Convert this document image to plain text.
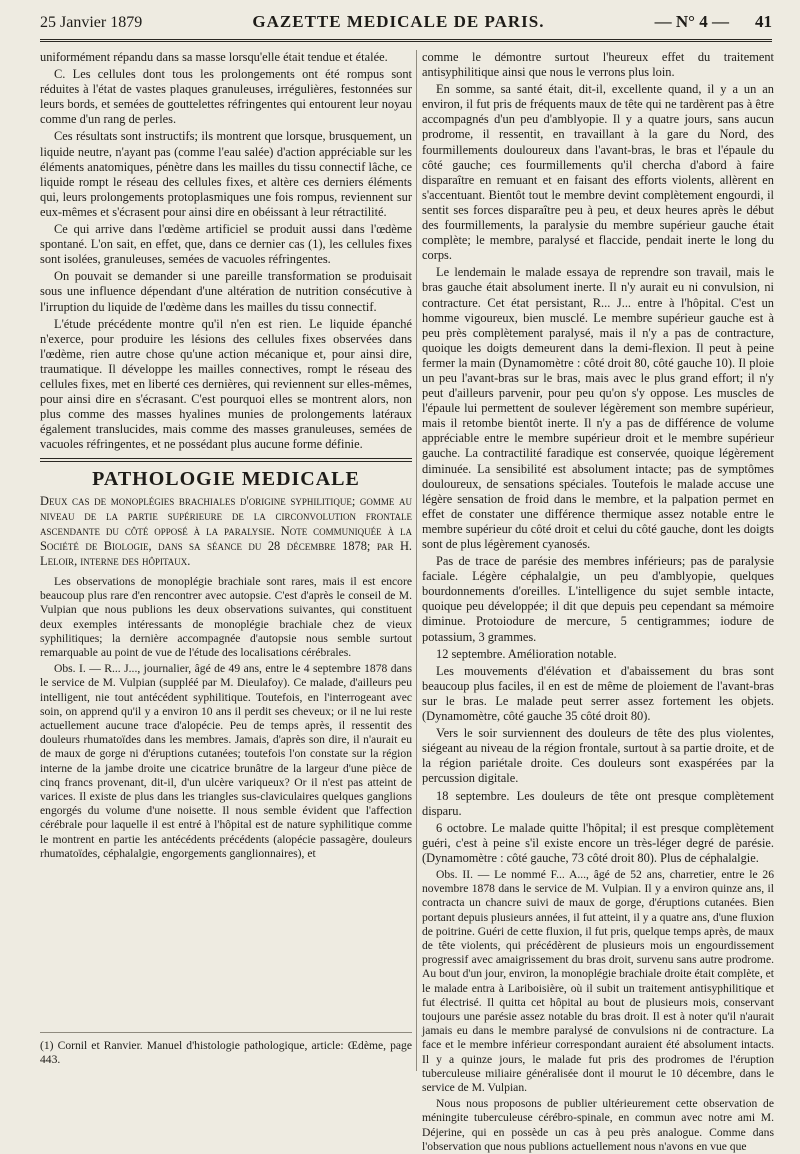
25 Janvier 1879	GAZETTE MEDICALE DE PARIS.	— N° 4 — 41

uniformément répandu dans sa masse lorsqu'elle était tendue et étalée.

C. Les cellules dont tous les prolongements ont été rompus sont réduites à l'état de vastes plaques granuleuses, irrégulières, festonnées sur leurs bords, et semées de gouttelettes réfringentes qui entourent leur noyau comme d'un rang de perles.

Ces résultats sont instructifs; ils montrent que lorsque, brusquement, un liquide neutre, n'ayant pas (comme l'eau salée) d'action appréciable sur les éléments anatomiques, pénètre dans les mailles du tissu connectif lâche, ce liquide rompt le réseau des cellules fixes, et altère ces derniers éléments qui, leurs prolongements protoplasmiques une fois rompus, reviennent sur eux-mêmes et s'écrasent pour ainsi dire en obéissant à leur rétractilité.

Ce qui arrive dans l'œdème artificiel se produit aussi dans l'œdème spontané. L'on sait, en effet, que, dans ce dernier cas (1), les cellules fixes sont isolées, granuleuses, semées de vacuoles réfringentes.

On pouvait se demander si une pareille transformation se produisait sous une influence dépendant d'une altération de nutrition consécutive à l'irruption du liquide de l'œdème dans les mailles du tissu connectif.

L'étude précédente montre qu'il n'en est rien. Le liquide épanché n'exerce, pour produire les lésions des cellules fixes observées dans l'œdème, rien autre chose qu'une action mécanique et, pour ainsi dire, traumatique. Il développe les mailles connectives, rompt le réseau des cellules fixes, met en liberté ces dernières, qui reviennent sur elles-mêmes, pour ainsi dire en s'écrasant. C'est pourquoi elles se montrent alors, non plus comme des masses hyalines munies de prolongements latéraux également translucides, mais comme des masses granuleuses, semées de vacuoles réfringentes, et ne possédant plus aucune forme définie.

PATHOLOGIE MEDICALE

Deux cas de monoplégies brachiales d'origine syphilitique; gomme au niveau de la partie supérieure de la circonvolution frontale ascendante du côté opposé à la paralysie. Note communiquée à la Société de Biologie, dans sa séance du 28 décembre 1878; par H. Leloir, interne des hôpitaux.

Les observations de monoplégie brachiale sont rares, mais il est encore beaucoup plus rare d'en rencontrer avec autopsie. C'est d'après le conseil de M. Vulpian que nous publions les deux observations suivantes, qui constituent deux exemples intéressants de monoplégie brachiale chez de vieux syphilitiques; la dernière accompagnée d'autopsie nous semble surtout remarquable au point de vue de l'étude des localisations cérébrales.

Obs. I. — R... J..., journalier, âgé de 49 ans, entre le 4 septembre 1878 dans le service de M. Vulpian (suppléé par M. Dieulafoy). Ce malade, d'ailleurs peu intelligent, nie tout antécédent syphilitique. Toutefois, en l'interrogeant avec soin, on apprend qu'il y a environ 10 ans il perdit ses cheveux; or il ne lui reste actuellement aucune trace d'alopécie. Peu de temps après, il ressentit des douleurs rhumatoïdes dans les membres. Jamais, d'après son dire, il n'aurait eu de maux de gorge ni d'éruptions cutanées; toutefois l'on constate sur la région interne de la jambe droite une cicatrice brunâtre de la largeur d'une pièce de cinq francs provenant, dit-il, d'un ulcère variqueux? Or il n'est pas atteint de varices. Il existe de plus dans les triangles sus-claviculaires quelques ganglions engorgés du volume d'une noisette. Il nous semble évident que l'affection cérébrale pour laquelle il est entré à l'hôpital est de nature syphilitique comme le montrent en partie les antécédents précédents (alopécie passagère, douleurs rhumatoïdes, céphalalgie, engorgements ganglionnaires), et

(1) Cornil et Ranvier. Manuel d'histologie pathologique, article: Œdème, page 443.

comme le démontre surtout l'heureux effet du traitement antisyphilitique ainsi que nous le verrons plus loin.

En somme, sa santé était, dit-il, excellente quand, il y a un an environ, il fut pris de fréquents maux de tête qui ne tardèrent pas à être accompagnés d'un peu d'amblyopie. Il y a quatre jours, sans aucun prodrome, il ressentit, en travaillant à la gare du Nord, des fourmillements douloureux dans l'avant-bras, le bras et l'épaule du côté gauche; ces fourmillements qu'il chercha d'abord à faire disparaître en remuant et en faisant des efforts violents, allèrent en s'accentuant. Bientôt tout le membre devint complètement engourdi, il sentit ses forces disparaître peu à peu, et deux heures après le début des fourmillements, la paralysie du membre supérieur gauche était complète; le membre, paralysé et flaccide, pendait inerte le long du corps.

Le lendemain le malade essaya de reprendre son travail, mais le bras gauche était absolument inerte. Il n'y aurait eu ni convulsion, ni contracture. Cet état persistant, R... J... entre à l'hôpital. C'est un homme vigoureux, bien musclé. Le membre supérieur gauche est à peu près complètement paralysé, mais il n'y a pas de contracture, quoique les doigts demeurent dans la demi-flexion. Il peut à peine fermer la main (Dynamomètre : côté droit 80, côté gauche 10). Il ploie un peu l'avant-bras sur le bras, mais avec le plus grand effort; il n'y peut d'ailleurs parvenir, pour peu qu'on s'y oppose. Les muscles de l'épaule lui permettent de soulever légèrement son membre supérieur, mais il retombe bientôt inerte. Il n'y a pas de différence de volume appréciable entre le membre supérieur droit et le membre supérieur gauche. La contractilité faradique est conservée, quoique légèrement diminuée. La sensibilité est absolument intacte; pas de symptômes douloureux, de sensations spéciales. Toutefois le malade accuse une légère sensation de froid dans le membre, et la palpation permet en effet de constater une différence thermique assez notable entre le membre supérieur du côté droit et celui du côté gauche, dont les doigts sont de plus légèrement cyanosés.

Pas de trace de parésie des membres inférieurs; pas de paralysie faciale. Légère céphalalgie, un peu d'amblyopie, quelques bourdonnements d'oreilles. L'intelligence du sujet semble intacte, quoique peu développée; il dit que depuis peu cependant sa mémoire diminue. Protoiodure de mercure, 5 centigrammes; iodure de potassium, 3 grammes.

12 septembre. Amélioration notable.

Les mouvements d'élévation et d'abaissement du bras sont beaucoup plus faciles, il en est de même de ploiement de l'avant-bras sur le bras. Le malade peut serrer assez fortement les objets. (Dynamomètre, côté gauche 35 côté droit 80).

Vers le soir surviennent des douleurs de tête des plus violentes, siégeant au niveau de la région frontale, surtout à sa partie droite, et de la région pariétale droite. Ces douleurs sont exaspérées par la percussion digitale.

18 septembre. Les douleurs de tête ont presque complètement disparu.

6 octobre. Le malade quitte l'hôpital; il est presque complètement guéri, c'est à peine s'il existe encore un très-léger degré de parésie. (Dynamomètre : côté gauche, 73 côté droit 80). Plus de céphalalgie.

Obs. II. — Le nommé F... A..., âgé de 52 ans, charretier, entre le 26 novembre 1878 dans le service de M. Vulpian. Il y a environ quinze ans, il contracta un chancre suivi de maux de gorge, d'éruptions cutanées. Bien portant depuis plusieurs années, il fut atteint, il y a quatre ans, d'une fluxion de poitrine. Guéri de cette fluxion, il fut pris, quelque temps après, de maux de tête violents, qui précédèrent de plusieurs mois un engourdissement progressif avec amaigrissement du bras droit, survenu sans autre prodrome. Au bout d'un jour, environ, la monoplégie brachiale droite était complète, et le malade entra à Lariboisière, où il subit un traitement antisyphilitique et fut électrisé. Il quitta cet hôpital au bout de plusieurs mois, conservant toujours une parésie assez notable du bras droit. Il est à noter qu'il n'aurait jamais eu dans le membre paralysé de convulsions ni de contracture. La face et le membre inférieur correspondant auraient été absolument intacts. Il y a quinze jours, le malade fut pris des prodromes de l'éruption tuberculeuse miliaire généralisée dont il mourut le 10 décembre, dans le service de M. Vulpian.

Nous nous proposons de publier ultérieurement cette observation de méningite tuberculeuse cérébro-spinale, en commun avec notre ami M. Déjerine, qui en possède un cas à peu près analogue. Comme dans l'observation que nous publions actuellement nous n'avons en vue que
